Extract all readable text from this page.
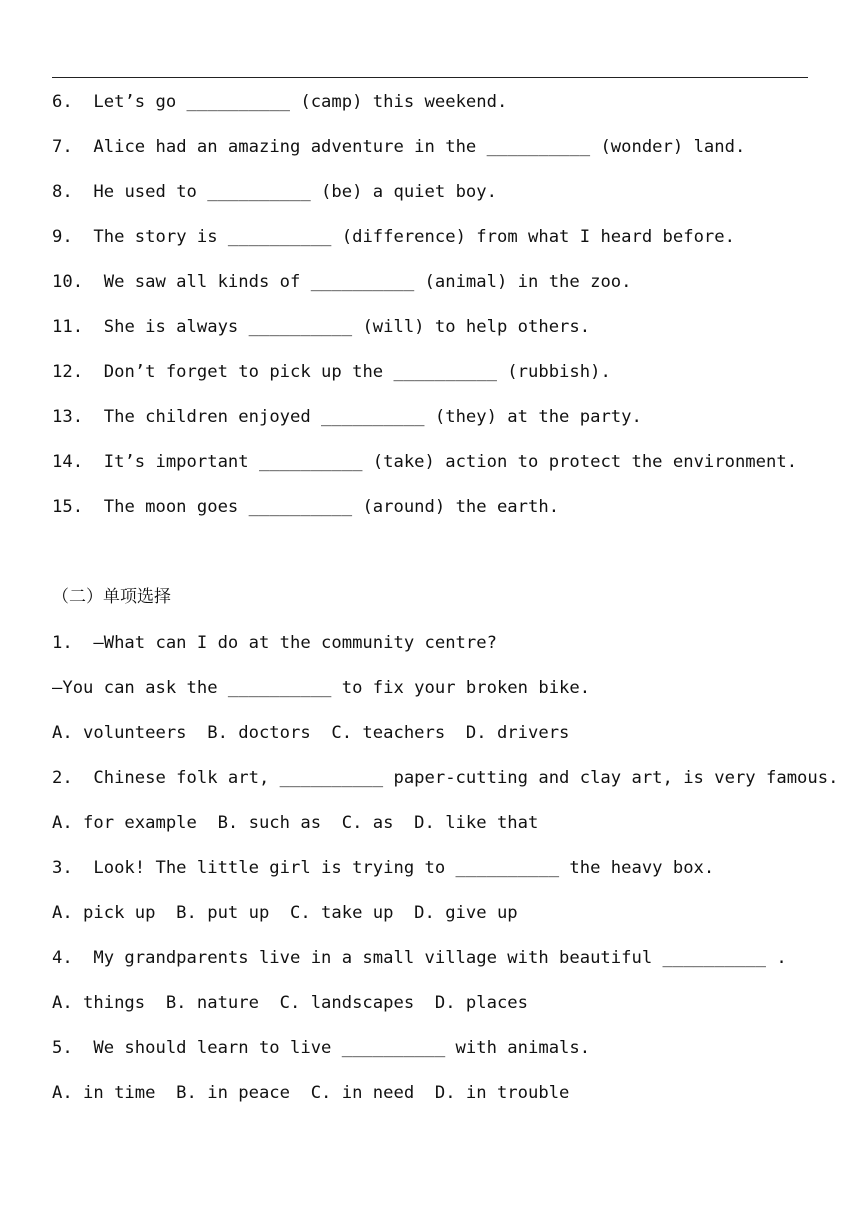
6. Let’s go __________ (camp) this weekend.
7. Alice had an amazing adventure in the __________ (wonder) land.
8. He used to __________ (be) a quiet boy.
9. The story is __________ (difference) from what I heard before.
10. We saw all kinds of __________ (animal) in the zoo.
11. She is always __________ (will) to help others.
12. Don’t forget to pick up the __________ (rubbish).
13. The children enjoyed __________ (they) at the party.
14. It’s important __________ (take) action to protect the environment.
15. The moon goes __________ (around) the earth.
（二）单项选择
1.  —What can I do at the community centre?
—You can ask the __________ to fix your broken bike.
A. volunteers  B. doctors  C. teachers  D. drivers
2.  Chinese folk art, __________ paper-cutting and clay art, is very famous.
A. for example  B. such as  C. as  D. like that
3.  Look! The little girl is trying to __________ the heavy box.
A. pick up  B. put up  C. take up  D. give up
4.  My grandparents live in a small village with beautiful __________ .
A. things  B. nature  C. landscapes  D. places
5.  We should learn to live __________ with animals.
A. in time  B. in peace  C. in need  D. in trouble
